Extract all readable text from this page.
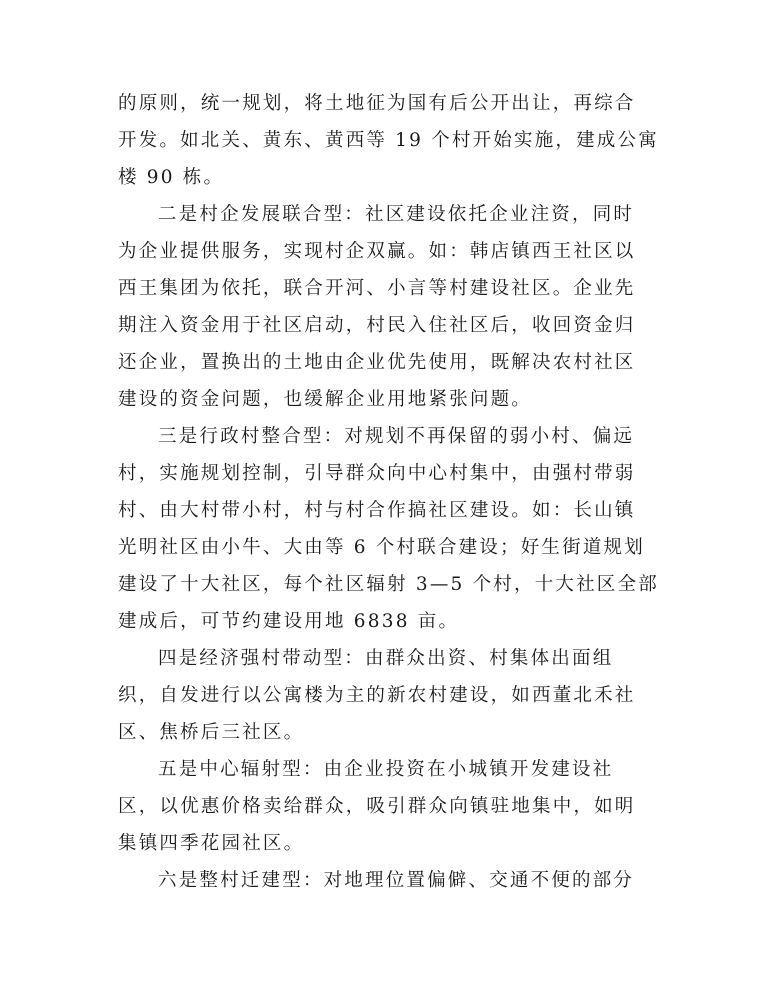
的原则，统一规划，将土地征为国有后公开出让，再综合

开发。如北关、黄东、黄西等 19 个村开始实施，建成公寓

楼 90 栋。

二是村企发展联合型：社区建设依托企业注资，同时

为企业提供服务，实现村企双赢。如：韩店镇西王社区以

西王集团为依托，联合开河、小言等村建设社区。企业先

期注入资金用于社区启动，村民入住社区后，收回资金归

还企业，置换出的土地由企业优先使用，既解决农村社区

建设的资金问题，也缓解企业用地紧张问题。

三是行政村整合型：对规划不再保留的弱小村、偏远

村，实施规划控制，引导群众向中心村集中，由强村带弱

村、由大村带小村，村与村合作搞社区建设。如：长山镇

光明社区由小牛、大由等 6 个村联合建设；好生街道规划

建设了十大社区，每个社区辐射 3—5 个村，十大社区全部

建成后，可节约建设用地 6838 亩。

四是经济强村带动型：由群众出资、村集体出面组

织，自发进行以公寓楼为主的新农村建设，如西董北禾社

区、焦桥后三社区。

五是中心辐射型：由企业投资在小城镇开发建设社

区，以优惠价格卖给群众，吸引群众向镇驻地集中，如明

集镇四季花园社区。

六是整村迁建型：对地理位置偏僻、交通不便的部分
